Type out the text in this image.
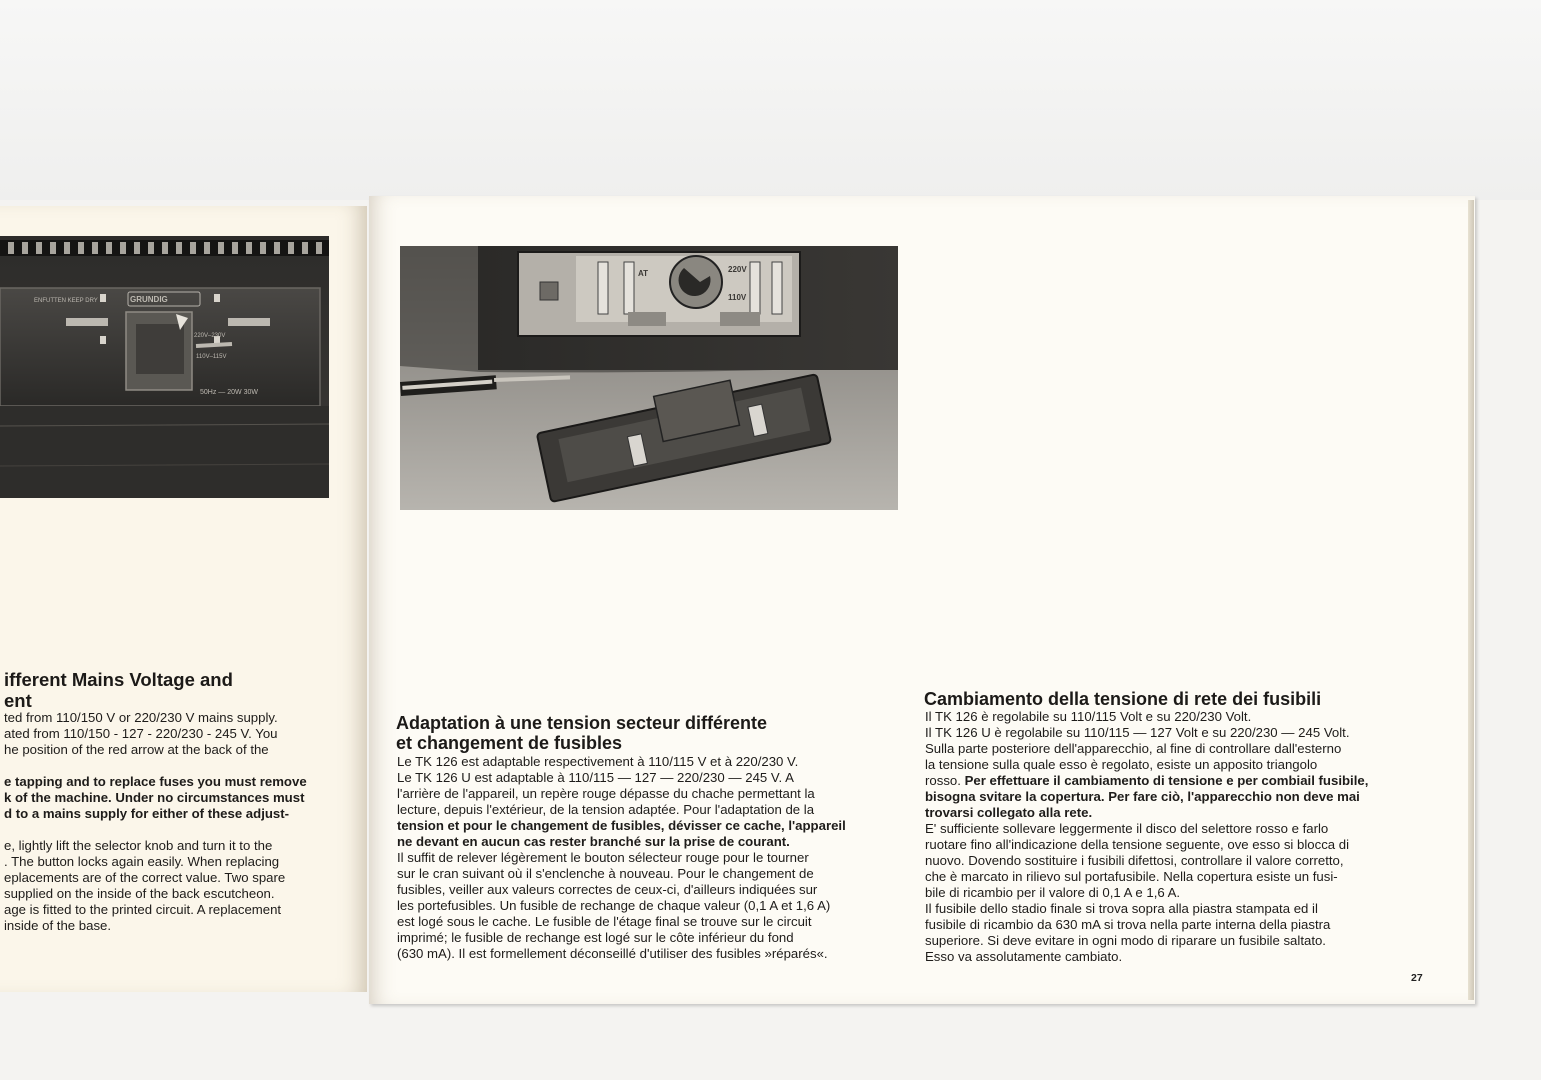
ENFUTTEN KEEP DRY	GRUNDIG
220V–230V
110V–115V
50Hz — 20W 30W
220V
110V
AT
ifferent Mains Voltage and
ent

ted from 110/150 V or 220/230 V mains supply.

ated from 110/150 - 127 - 220/230 - 245 V. You

he position of the red arrow at the back of the

e tapping and to replace fuses you must remove

k of the machine. Under no circumstances must

d to a mains supply for either of these adjust-

e, lightly lift the selector knob and turn it to the

. The button locks again easily. When replacing

eplacements are of the correct value. Two spare

supplied on the inside of the back escutcheon.

age is fitted to the printed circuit. A replacement

inside of the base.

Adaptation à une tension secteur différente
et changement de fusibles

Le TK 126 est adaptable respectivement à 110/115 V et à 220/230 V.

Le TK 126 U est adaptable à 110/115 — 127 — 220/230 — 245 V. A

l'arrière de l'appareil, un repère rouge dépasse du chache permettant la

lecture, depuis l'extérieur, de la tension adaptée. Pour l'adaptation de la

tension et pour le changement de fusibles, dévisser ce cache, l'appareil

ne devant en aucun cas rester branché sur la prise de courant.

Il suffit de relever légèrement le bouton sélecteur rouge pour le tourner

sur le cran suivant où il s'enclenche à nouveau. Pour le changement de

fusibles, veiller aux valeurs correctes de ceux-ci, d'ailleurs indiquées sur

les portefusibles. Un fusible de rechange de chaque valeur (0,1 A et 1,6 A)

est logé sous le cache. Le fusible de l'étage final se trouve sur le circuit

imprimé; le fusible de rechange est logé sur le côte inférieur du fond

(630 mA). Il est formellement déconseillé d'utiliser des fusibles »réparés«.

Cambiamento della tensione di rete dei fusibili

Il TK 126 è regolabile su 110/115 Volt e su 220/230 Volt.

Il TK 126 U è regolabile su 110/115 — 127 Volt e su 220/230 — 245 Volt.

Sulla parte posteriore dell'apparecchio, al fine di controllare dall'esterno

la tensione sulla quale esso è regolato, esiste un apposito triangolo

rosso. Per effettuare il cambiamento di tensione e per combiail fusibile,

bisogna svitare la copertura. Per fare ciò, l'apparecchio non deve mai

trovarsi collegato alla rete.

E' sufficiente sollevare leggermente il disco del selettore rosso e farlo

ruotare fino all'indicazione della tensione seguente, ove esso si blocca di

nuovo. Dovendo sostituire i fusibili difettosi, controllare il valore corretto,

che è marcato in rilievo sul portafusibile. Nella copertura esiste un fusi-

bile di ricambio per il valore di 0,1 A e 1,6 A.

Il fusibile dello stadio finale si trova sopra alla piastra stampata ed il

fusibile di ricambio da 630 mA si trova nella parte interna della piastra

superiore. Si deve evitare in ogni modo di riparare un fusibile saltato.

Esso va assolutamente cambiato.

27
